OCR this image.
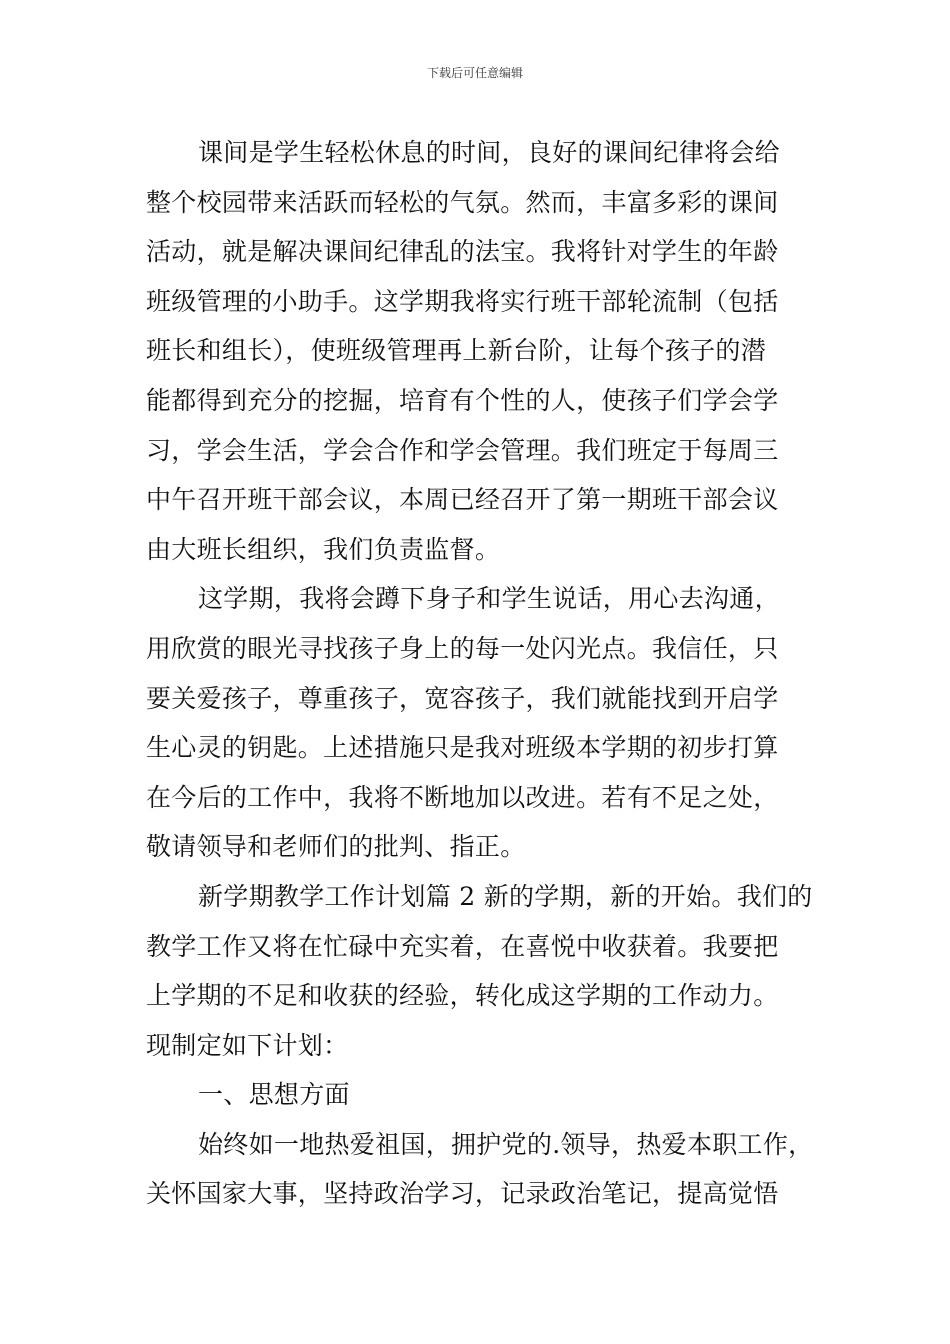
下载后可任意编辑
课间是学生轻松休息的时间，良好的课间纪律将会给
整个校园带来活跃而轻松的气氛。然而，丰富多彩的课间
活动，就是解决课间纪律乱的法宝。我将针对学生的年龄
班级管理的小助手。这学期我将实行班干部轮流制（包括
班长和组长），使班级管理再上新台阶，让每个孩子的潜
能都得到充分的挖掘，培育有个性的人，使孩子们学会学
习，学会生活，学会合作和学会管理。我们班定于每周三
中午召开班干部会议，本周已经召开了第一期班干部会议
由大班长组织，我们负责监督。
这学期，我将会蹲下身子和学生说话，用心去沟通，
用欣赏的眼光寻找孩子身上的每一处闪光点。我信任，只
要关爱孩子，尊重孩子，宽容孩子，我们就能找到开启学
生心灵的钥匙。上述措施只是我对班级本学期的初步打算
在今后的工作中，我将不断地加以改进。若有不足之处，
敬请领导和老师们的批判、指正。
新学期教学工作计划篇 2 新的学期，新的开始。我们的
教学工作又将在忙碌中充实着，在喜悦中收获着。我要把
上学期的不足和收获的经验，转化成这学期的工作动力。
现制定如下计划：
一、思想方面
始终如一地热爱祖国，拥护党的.领导，热爱本职工作，
关怀国家大事，坚持政治学习，记录政治笔记，提高觉悟
